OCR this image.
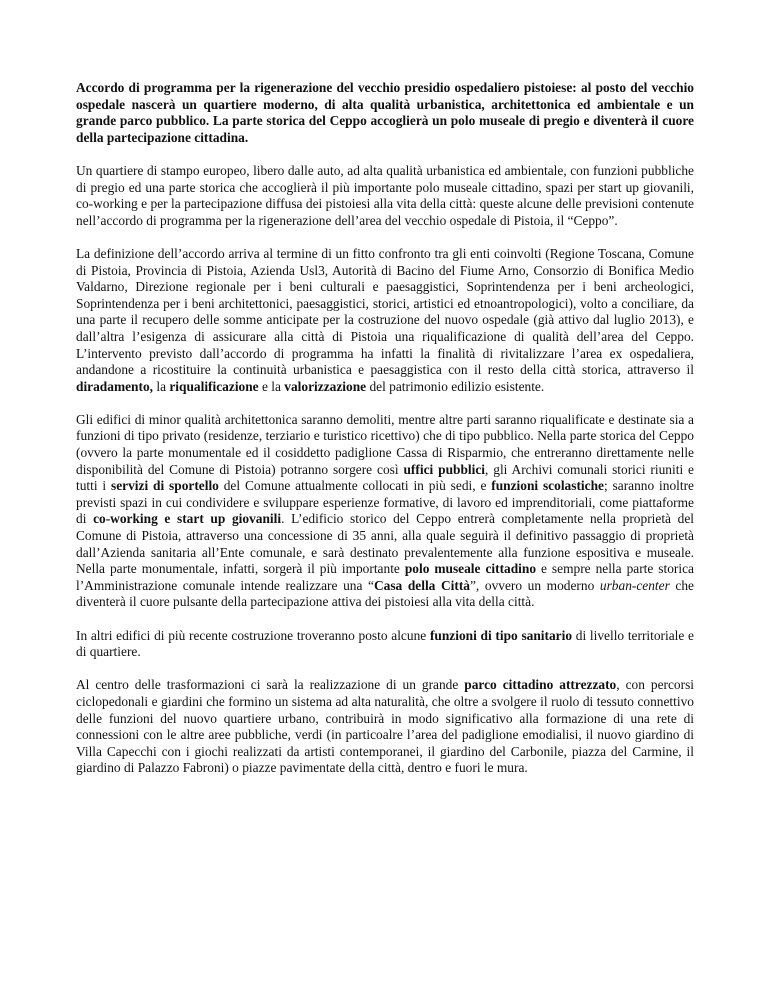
Accordo di programma per la rigenerazione del vecchio presidio ospedaliero pistoiese: al posto del vecchio ospedale nascerà un quartiere moderno, di alta qualità urbanistica, architettonica ed ambientale e un grande parco pubblico. La parte storica del Ceppo accoglierà un polo museale di pregio e diventerà il cuore della partecipazione cittadina.

Un quartiere di stampo europeo, libero dalle auto, ad alta qualità urbanistica ed ambientale, con funzioni pubbliche di pregio ed una parte storica che accoglierà il più importante polo museale cittadino, spazi per start up giovanili, co-working e per la partecipazione diffusa dei pistoiesi alla vita della città: queste alcune delle previsioni contenute nell’accordo di programma per la rigenerazione dell’area del vecchio ospedale di Pistoia, il “Ceppo”.

La definizione dell’accordo arriva al termine di un fitto confronto tra gli enti coinvolti (Regione Toscana, Comune di Pistoia, Provincia di Pistoia, Azienda Usl3, Autorità di Bacino del Fiume Arno, Consorzio di Bonifica Medio Valdarno, Direzione regionale per i beni culturali e paesaggistici, Soprintendenza per i beni archeologici, Soprintendenza per i beni architettonici, paesaggistici, storici, artistici ed etnoantropologici), volto a conciliare, da una parte il recupero delle somme anticipate per la costruzione del nuovo ospedale (già attivo dal luglio 2013), e dall’altra l’esigenza di assicurare alla città di Pistoia una riqualificazione di qualità dell’area del Ceppo. L’intervento previsto dall’accordo di programma ha infatti la finalità di rivitalizzare l’area ex ospedaliera, andandone a ricostituire la continuità urbanistica e paesaggistica con il resto della città storica, attraverso il diradamento, la riqualificazione e la valorizzazione del patrimonio edilizio esistente.

Gli edifici di minor qualità architettonica saranno demoliti, mentre altre parti saranno riqualificate e destinate sia a funzioni di tipo privato (residenze, terziario e turistico ricettivo) che di tipo pubblico. Nella parte storica del Ceppo (ovvero la parte monumentale ed il cosiddetto padiglione Cassa di Risparmio, che entreranno direttamente nelle disponibilità del Comune di Pistoia) potranno sorgere così uffici pubblici, gli Archivi comunali storici riuniti e tutti i servizi di sportello del Comune attualmente collocati in più sedi, e funzioni scolastiche; saranno inoltre previsti spazi in cui condividere e sviluppare esperienze formative, di lavoro ed imprenditoriali, come piattaforme di co-working e start up giovanili. L’edificio storico del Ceppo entrerà completamente nella proprietà del Comune di Pistoia, attraverso una concessione di 35 anni, alla quale seguirà il definitivo passaggio di proprietà dall’Azienda sanitaria all’Ente comunale, e sarà destinato prevalentemente alla funzione espositiva e museale. Nella parte monumentale, infatti, sorgerà il più importante polo museale cittadino e sempre nella parte storica l’Amministrazione comunale intende realizzare una “Casa della Città”, ovvero un moderno urban-center che diventerà il cuore pulsante della partecipazione attiva dei pistoiesi alla vita della città.

In altri edifici di più recente costruzione troveranno posto alcune funzioni di tipo sanitario di livello territoriale e di quartiere.

Al centro delle trasformazioni ci sarà la realizzazione di un grande parco cittadino attrezzato, con percorsi ciclopedonali e giardini che formino un sistema ad alta naturalità, che oltre a svolgere il ruolo di tessuto connettivo delle funzioni del nuovo quartiere urbano, contribuirà in modo significativo alla formazione di una rete di connessioni con le altre aree pubbliche, verdi (in particoalre l’area del padiglione emodialisi, il nuovo giardino di Villa Capecchi con i giochi realizzati da artisti contemporanei, il giardino del Carbonile, piazza del Carmine, il giardino di Palazzo Fabroni) o piazze pavimentate della città, dentro e fuori le mura.
